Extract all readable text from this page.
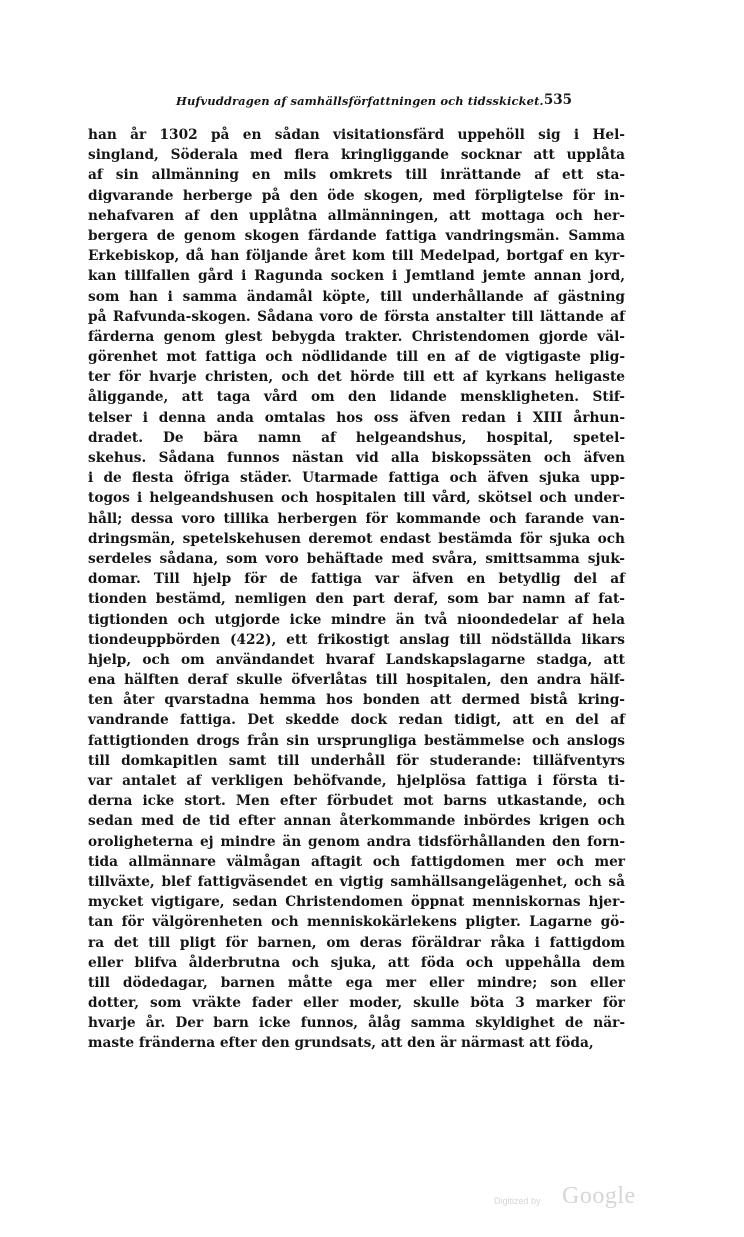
Hufvuddragen af samhällsförfattningen och tidsskicket. 535
han år 1302 på en sådan visitationsfärd uppehöll sig i Hel-
singland, Söderala med flera kringliggande socknar att upplåta
af sin allmänning en mils omkrets till inrättande af ett sta-
digvarande herberge på den öde skogen, med förpligtelse för in-
nehafvaren af den upplåtna allmänningen, att mottaga och her-
bergera de genom skogen färdande fattiga vandringsmän. Samma
Erkebiskop, då han följande året kom till Medelpad, bortgaf en kyr-
kan tillfallen gård i Ragunda socken i Jemtland jemte annan jord,
som han i samma ändamål köpte, till underhållande af gästning
på Rafvunda-skogen. Sådana voro de första anstalter till lättande af
färderna genom glest bebygda trakter. Christendomen gjorde väl-
görenhet mot fattiga och nödlidande till en af de vigtigaste plig-
ter för hvarje christen, och det hörde till ett af kyrkans heligaste
åliggande, att taga vård om den lidande menskligheten. Stif-
telser i denna anda omtalas hos oss äfven redan i XIII århun-
dradet. De bära namn af helgeandshus, hospital, spetel-
skehus. Sådana funnos nästan vid alla biskopssäten och äfven
i de flesta öfriga städer. Utarmade fattiga och äfven sjuka upp-
togos i helgeandshusen och hospitalen till vård, skötsel och under-
håll; dessa voro tillika herbergen för kommande och farande van-
dringsmän, spetelskehusen deremot endast bestämda för sjuka och
serdeles sådana, som voro behäftade med svåra, smittsamma sjuk-
domar. Till hjelp för de fattiga var äfven en betydlig del af
tionden bestämd, nemligen den part deraf, som bar namn af fat-
tigtionden och utgjorde icke mindre än två nioondedelar af hela
tiondeuppbörden (422), ett frikostigt anslag till nödställda likars
hjelp, och om användandet hvaraf Landskapslagarne stadga, att
ena hälften deraf skulle öfverlåtas till hospitalen, den andra hälf-
ten åter qvarstadna hemma hos bonden att dermed bistå kring-
vandrande fattiga. Det skedde dock redan tidigt, att en del af
fattigtionden drogs från sin ursprungliga bestämmelse och anslogs
till domkapitlen samt till underhåll för studerande: tilläfventyrs
var antalet af verkligen behöfvande, hjelplösa fattiga i första ti-
derna icke stort. Men efter förbudet mot barns utkastande, och
sedan med de tid efter annan återkommande inbördes krigen och
oroligheterna ej mindre än genom andra tidsförhållanden den forn-
tida allmännare välmågan aftagit och fattigdomen mer och mer
tillväxte, blef fattigväsendet en vigtig samhällsangelägenhet, och så
mycket vigtigare, sedan Christendomen öppnat menniskornas hjer-
tan för välgörenheten och menniskokärlekens pligter. Lagarne gö-
ra det till pligt för barnen, om deras föräldrar råka i fattigdom
eller blifva ålderbrutna och sjuka, att föda och uppehålla dem
till dödedagar, barnen måtte ega mer eller mindre; son eller
dotter, som vräkte fader eller moder, skulle böta 3 marker för
hvarje år. Der barn icke funnos, ålåg samma skyldighet de när-
maste fränderna efter den grundsats, att den är närmast att föda,
Digitized by Google
